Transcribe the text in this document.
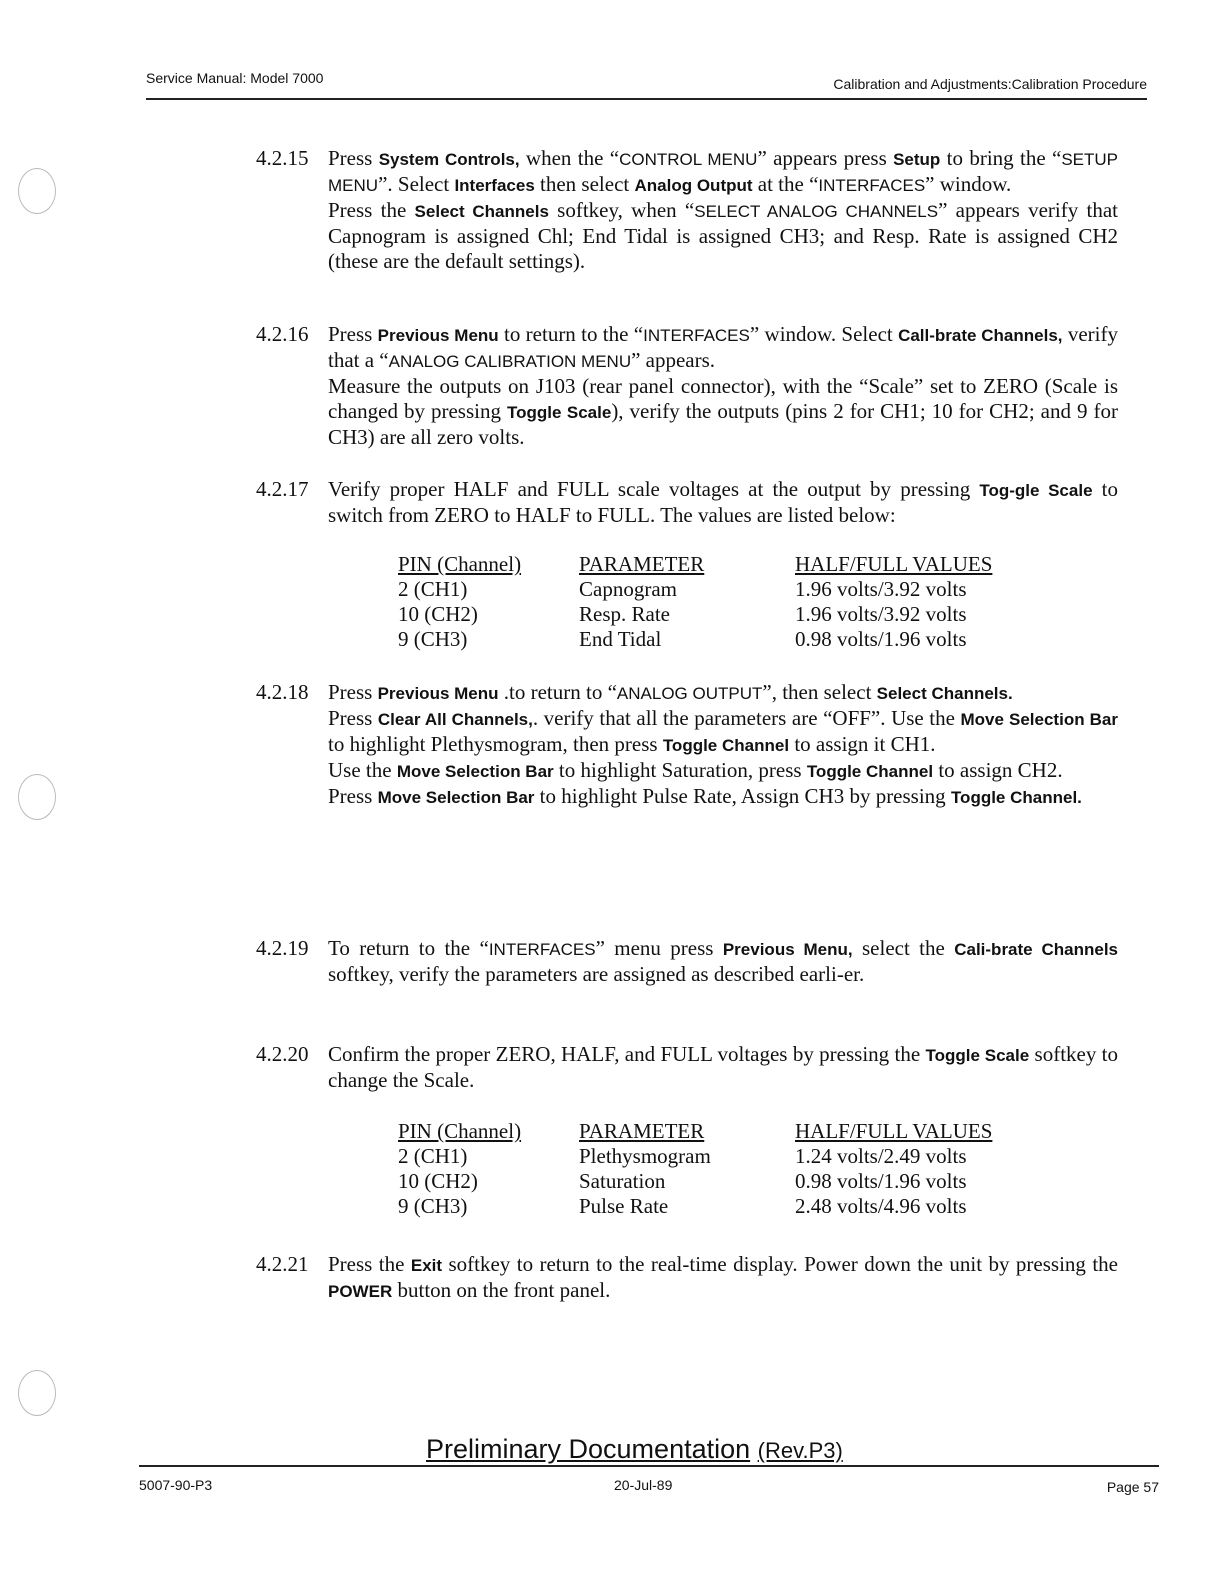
Service Manual: Model 7000	Calibration and Adjustments:Calibration Procedure
4.2.15 Press System Controls, when the “CONTROL MENU” appears press Setup to bring the “SETUP MENU”. Select Interfaces then select Analog Output at the “INTERFACES” window.

Press the Select Channels softkey, when “SELECT ANALOG CHANNELS” appears verify that Capnogram is assigned Chl; End Tidal is assigned CH3; and Resp. Rate is assigned CH2 (these are the default settings).

4.2.16 Press Previous Menu to return to the “INTERFACES” window. Select Call-brate Channels, verify that a “ANALOG CALIBRATION MENU” appears.

Measure the outputs on J103 (rear panel connector), with the “Scale” set to ZERO (Scale is changed by pressing Toggle Scale), verify the outputs (pins 2 for CH1; 10 for CH2; and 9 for CH3) are all zero volts.

4.2.17 Verify proper HALF and FULL scale voltages at the output by pressing Tog-gle Scale to switch from ZERO to HALF to FULL. The values are listed below:

PIN (Channel)	PARAMETER	HALF/FULL VALUES
2 (CH1)	Capnogram	1.96 volts/3.92 volts
10 (CH2)	Resp. Rate	1.96 volts/3.92 volts
9 (CH3)	End Tidal	0.98 volts/1.96 volts
4.2.18 Press Previous Menu .to return to “ANALOG OUTPUT”, then select Select Channels.

Press Clear All Channels,. verify that all the parameters are “OFF”. Use the Move Selection Bar to highlight Plethysmogram, then press Toggle Channel to assign it CH1.

Use the Move Selection Bar to highlight Saturation, press Toggle Channel to assign CH2.

Press Move Selection Bar to highlight Pulse Rate, Assign CH3 by pressing Toggle Channel.

4.2.19 To return to the “INTERFACES” menu press Previous Menu, select the Cali-brate Channels softkey, verify the parameters are assigned as described earli-er.

4.2.20 Confirm the proper ZERO, HALF, and FULL voltages by pressing the Toggle Scale softkey to change the Scale.

PIN (Channel)	PARAMETER	HALF/FULL VALUES
2 (CH1)	Plethysmogram	1.24 volts/2.49 volts
10 (CH2)	Saturation	0.98 volts/1.96 volts
9 (CH3)	Pulse Rate	2.48 volts/4.96 volts
4.2.21 Press the Exit softkey to return to the real-time display. Power down the unit by pressing the POWER button on the front panel.

Preliminary Documentation (Rev.P3)
5007-90-P3	20-Jul-89	Page 57
